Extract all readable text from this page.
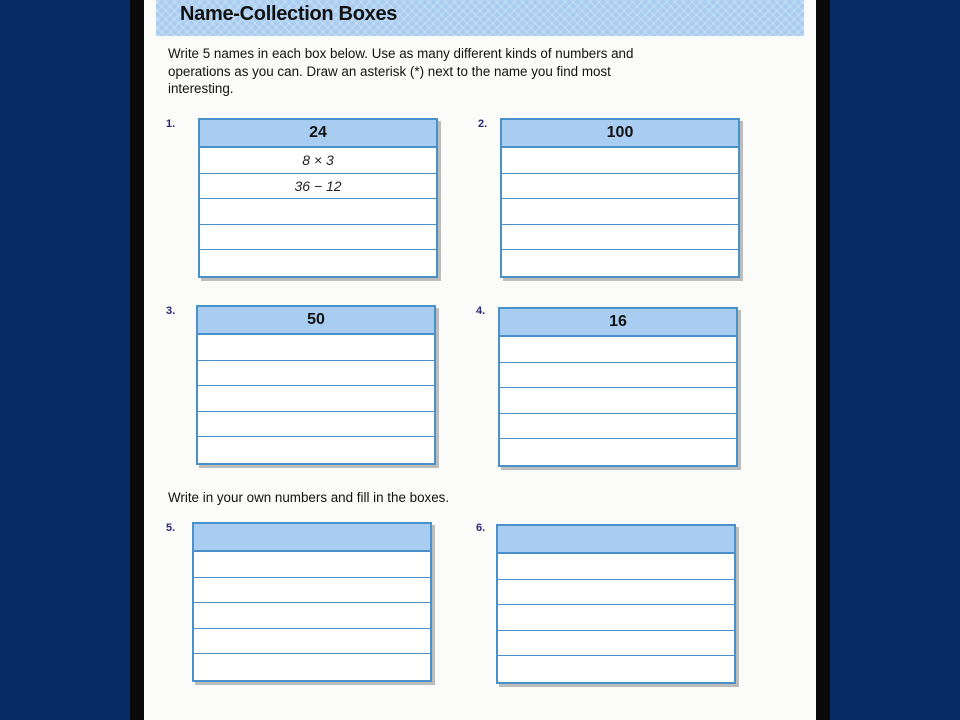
Name-Collection Boxes
Write 5 names in each box below. Use as many different kinds of numbers and operations as you can. Draw an asterisk (*) next to the name you find most interesting.
1.	24
8 × 3
36 − 12
2.	100
3.	50	4.
16
Write in your own numbers and fill in the boxes.
5.	6.
